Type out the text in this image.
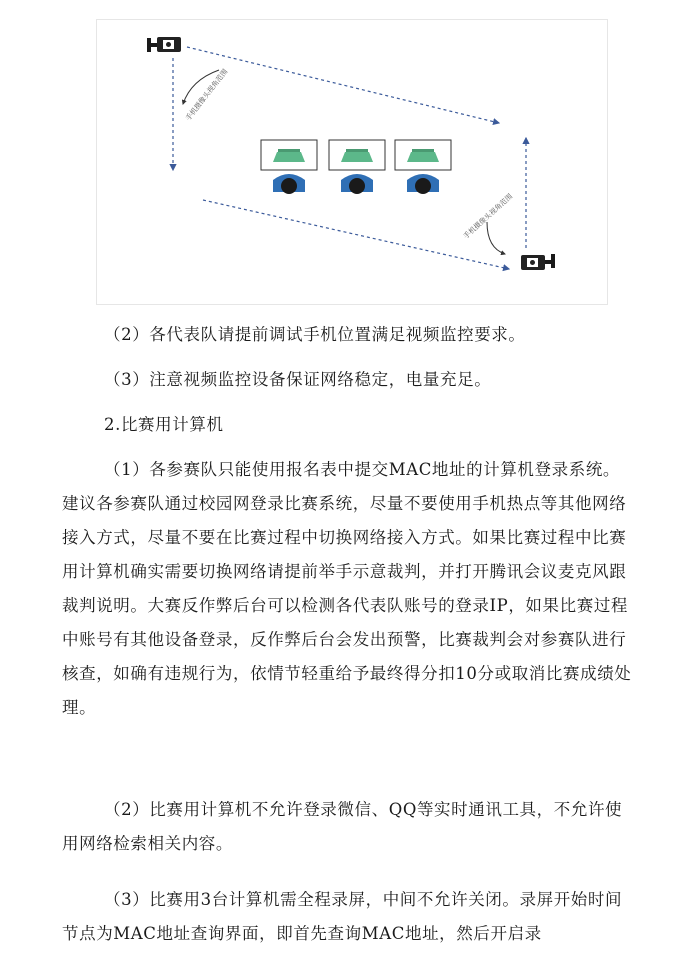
手机摄像头视角范围
手机摄像头视角范围

（2）各代表队请提前调试手机位置满足视频监控要求。

（3）注意视频监控设备保证网络稳定，电量充足。

2.比赛用计算机

（1）各参赛队只能使用报名表中提交MAC地址的计算机登录系统。建议各参赛队通过校园网登录比赛系统，尽量不要使用手机热点等其他网络接入方式，尽量不要在比赛过程中切换网络接入方式。如果比赛过程中比赛用计算机确实需要切换网络请提前举手示意裁判，并打开腾讯会议麦克风跟裁判说明。大赛反作弊后台可以检测各代表队账号的登录IP，如果比赛过程中账号有其他设备登录，反作弊后台会发出预警，比赛裁判会对参赛队进行核查，如确有违规行为，依情节轻重给予最终得分扣10分或取消比赛成绩处理。

（2）比赛用计算机不允许登录微信、QQ等实时通讯工具，不允许使用网络检索相关内容。

（3）比赛用3台计算机需全程录屏，中间不允许关闭。录屏开始时间节点为MAC地址查询界面，即首先查询MAC地址，然后开启录
